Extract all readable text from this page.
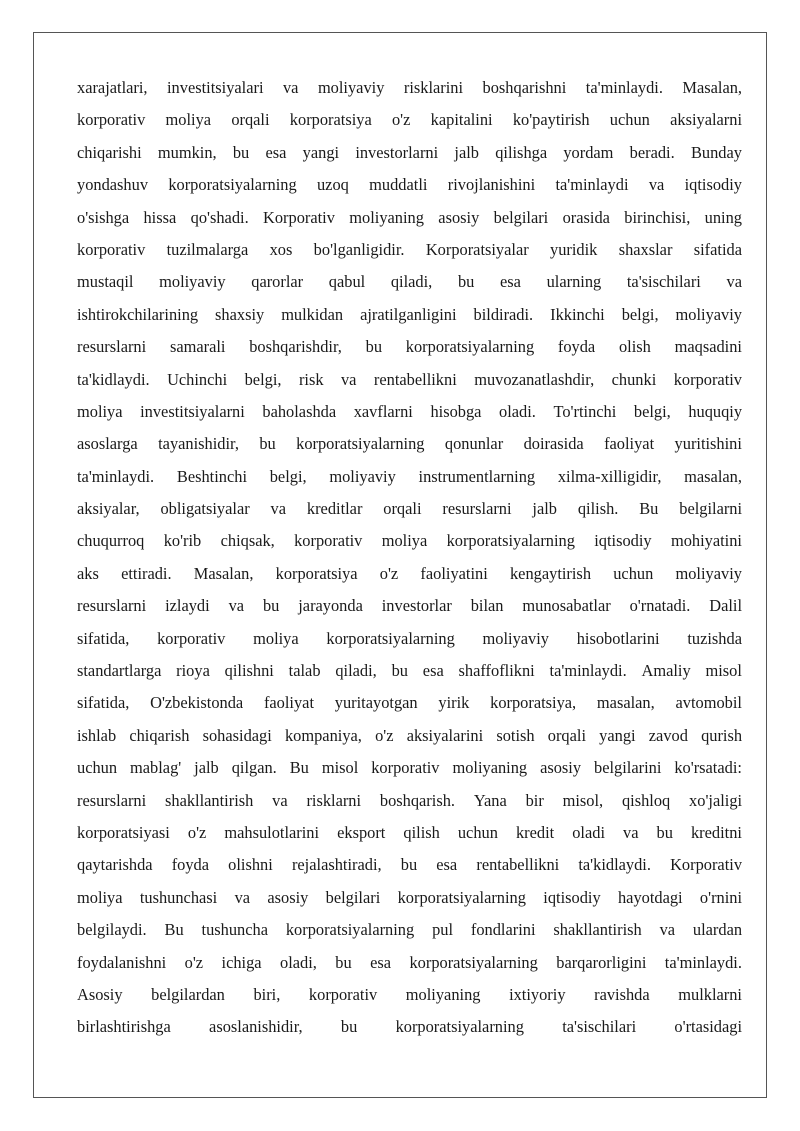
xarajatlari, investitsiyalari va moliyaviy risklarini boshqarishni ta'minlaydi. Masalan,
korporativ moliya orqali korporatsiya o'z kapitalini ko'paytirish uchun aksiyalarni
chiqarishi mumkin, bu esa yangi investorlarni jalb qilishga yordam beradi. Bunday
yondashuv korporatsiyalarning uzoq muddatli rivojlanishini ta'minlaydi va iqtisodiy
o'sishga hissa qo'shadi. Korporativ moliyaning asosiy belgilari orasida birinchisi, uning
korporativ tuzilmalarga xos bo'lganligidir. Korporatsiyalar yuridik shaxslar sifatida
mustaqil moliyaviy qarorlar qabul qiladi, bu esa ularning ta'sischilari va
ishtirokchilarining shaxsiy mulkidan ajratilganligini bildiradi. Ikkinchi belgi, moliyaviy
resurslarni samarali boshqarishdir, bu korporatsiyalarning foyda olish maqsadini
ta'kidlaydi. Uchinchi belgi, risk va rentabellikni muvozanatlashdir, chunki korporativ
moliya investitsiyalarni baholashda xavflarni hisobga oladi. To'rtinchi belgi, huquqiy
asoslarga tayanishidir, bu korporatsiyalarning qonunlar doirasida faoliyat yuritishini
ta'minlaydi. Beshtinchi belgi, moliyaviy instrumentlarning xilma-xilligidir, masalan,
aksiyalar, obligatsiyalar va kreditlar orqali resurslarni jalb qilish. Bu belgilarni
chuqurroq ko'rib chiqsak, korporativ moliya korporatsiyalarning iqtisodiy mohiyatini
aks ettiradi. Masalan, korporatsiya o'z faoliyatini kengaytirish uchun moliyaviy
resurslarni izlaydi va bu jarayonda investorlar bilan munosabatlar o'rnatadi. Dalil
sifatida, korporativ moliya korporatsiyalarning moliyaviy hisobotlarini tuzishda
standartlarga rioya qilishni talab qiladi, bu esa shaffoflikni ta'minlaydi. Amaliy misol
sifatida, O'zbekistonda faoliyat yuritayotgan yirik korporatsiya, masalan, avtomobil
ishlab chiqarish sohasidagi kompaniya, o'z aksiyalarini sotish orqali yangi zavod qurish
uchun mablag' jalb qilgan. Bu misol korporativ moliyaning asosiy belgilarini ko'rsatadi:
resurslarni shakllantirish va risklarni boshqarish. Yana bir misol, qishloq xo'jaligi
korporatsiyasi o'z mahsulotlarini eksport qilish uchun kredit oladi va bu kreditni
qaytarishda foyda olishni rejalashtiradi, bu esa rentabellikni ta'kidlaydi. Korporativ
moliya tushunchasi va asosiy belgilari korporatsiyalarning iqtisodiy hayotdagi o'rnini
belgilaydi. Bu tushuncha korporatsiyalarning pul fondlarini shakllantirish va ulardan
foydalanishni o'z ichiga oladi, bu esa korporatsiyalarning barqarorligini ta'minlaydi.
Asosiy belgilardan biri, korporativ moliyaning ixtiyoriy ravishda mulklarni
birlashtirishga asoslanishidir, bu korporatsiyalarning ta'sischilari o'rtasidagi
